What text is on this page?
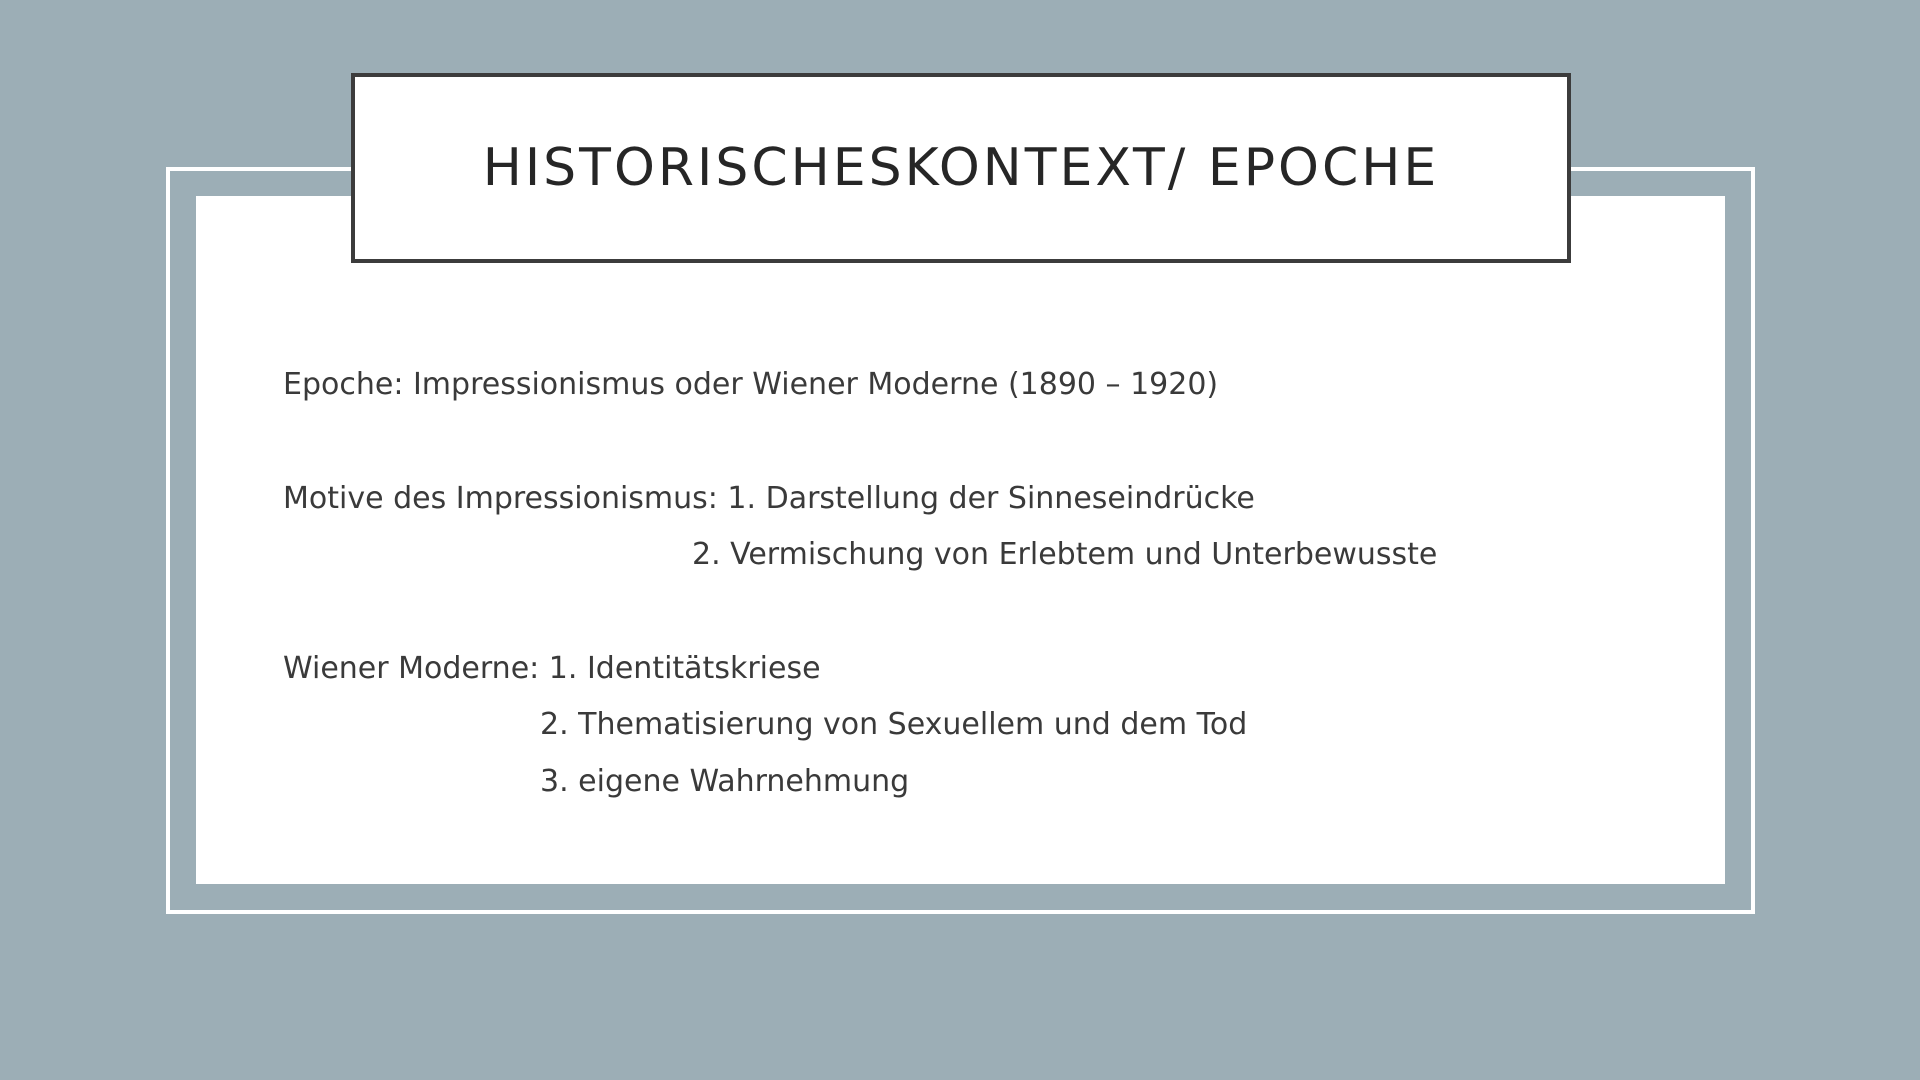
HISTORISCHESKONTEXT/ EPOCHE
Epoche: Impressionismus oder Wiener Moderne (1890 – 1920)
Motive des Impressionismus: 1. Darstellung der Sinneseindrücke
2. Vermischung von Erlebtem und Unterbewusste
Wiener Moderne: 1. Identitätskriese
2. Thematisierung von Sexuellem und dem Tod
3. eigene Wahrnehmung
